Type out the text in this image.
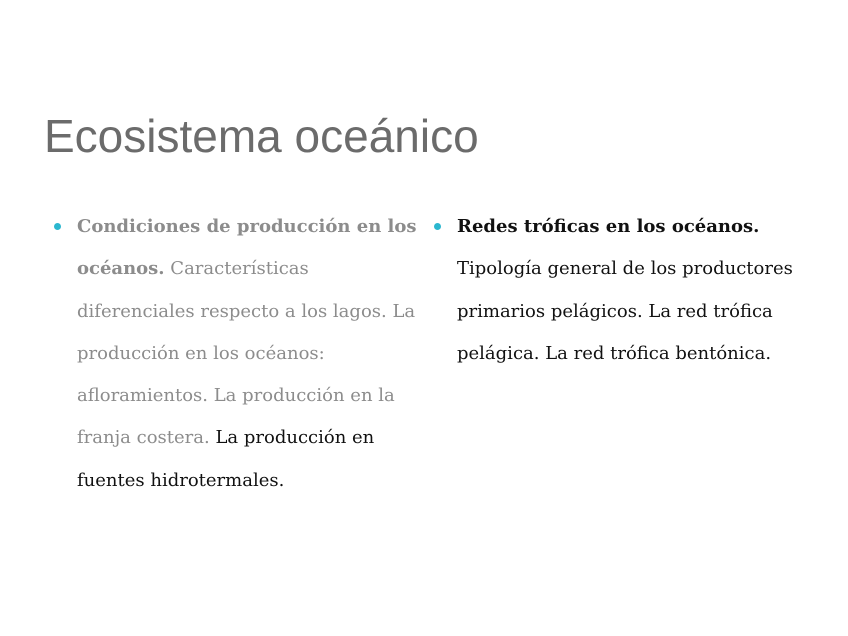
Ecosistema oceánico
Condiciones de producción en los océanos. Características diferenciales respecto a los lagos. La producción en los océanos: afloramientos. La producción en la franja costera. La producción en fuentes hidrotermales.
Redes tróficas en los océanos. Tipología general de los productores primarios pelágicos. La red trófica pelágica. La red trófica bentónica.
